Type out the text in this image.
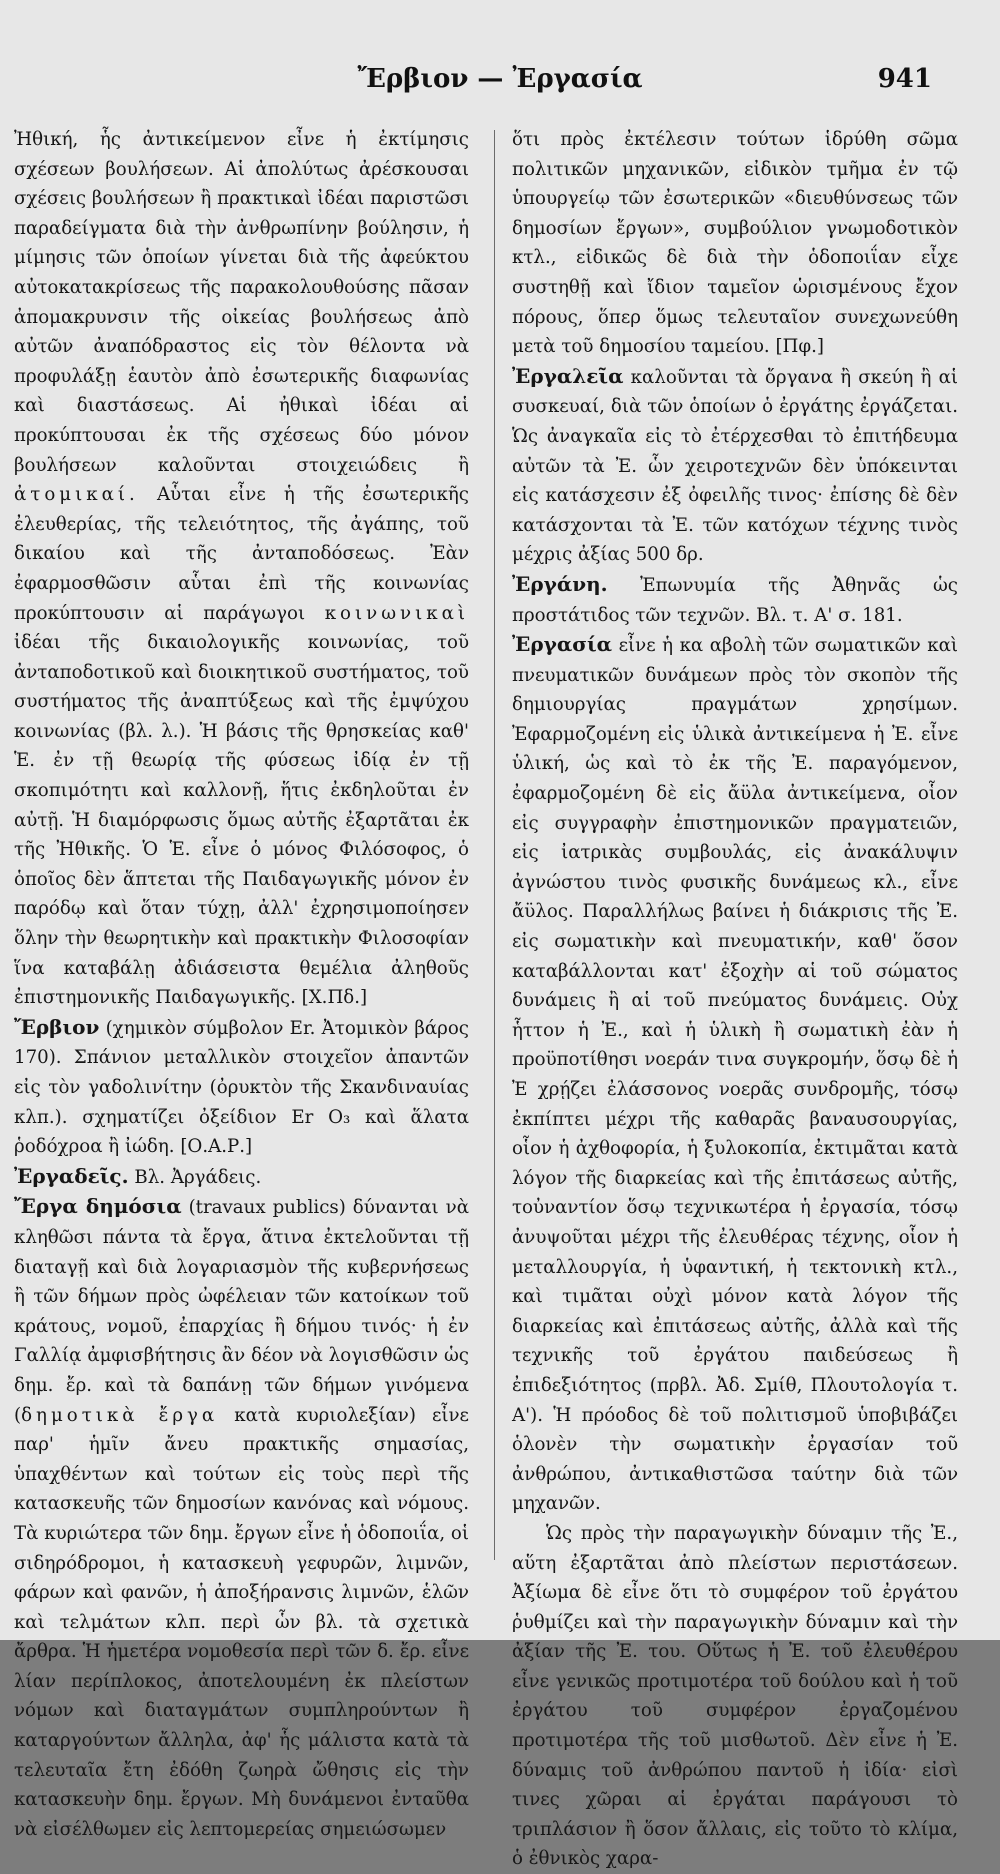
Ἔρβιον — Ἐργασία	941

Ἠθική, ἧς ἀντικείμενον εἶνε ἡ ἐκτίμησις σχέσεων βουλήσεων. Αἱ ἀπολύτως ἀρέσκουσαι σχέσεις βουλήσεων ἢ πρακτικαὶ ἰδέαι παριστῶσι παραδείγματα διὰ τὴν ἀνθρωπίνην βούλησιν, ἡ μίμησις τῶν ὁποίων γίνεται διὰ τῆς ἀφεύκτου αὐτοκατακρίσεως τῆς παρακολουθούσης πᾶσαν ἀπομακρυνσιν τῆς οἰκείας βουλήσεως ἀπὸ αὐτῶν ἀναπόδραστος εἰς τὸν θέλοντα νὰ προφυλάξῃ ἑαυτὸν ἀπὸ ἐσωτερικῆς διαφωνίας καὶ διαστάσεως. Αἱ ἠθικαὶ ἰδέαι αἱ προκύπτουσαι ἐκ τῆς σχέσεως δύο μόνον βουλήσεων καλοῦνται στοιχειώδεις ἢ ἀτομικαί. Αὗται εἶνε ἡ τῆς ἐσωτερικῆς ἐλευθερίας, τῆς τελειότητος, τῆς ἀγάπης, τοῦ δικαίου καὶ τῆς ἀνταποδόσεως. Ἐὰν ἐφαρμοσθῶσιν αὗται ἐπὶ τῆς κοινωνίας προκύπτουσιν αἱ παράγωγοι κοινωνικαὶ ἰδέαι τῆς δικαιολογικῆς κοινωνίας, τοῦ ἀνταποδοτικοῦ καὶ διοικητικοῦ συστήματος, τοῦ συστήματος τῆς ἀναπτύξεως καὶ τῆς ἐμψύχου κοινωνίας (βλ. λ.). Ἡ βάσις τῆς θρησκείας καθ' Ἑ. ἐν τῇ θεωρίᾳ τῆς φύσεως ἰδίᾳ ἐν τῇ σκοπιμότητι καὶ καλλονῇ, ἥτις ἐκδηλοῦται ἐν αὐτῇ. Ἡ διαμόρφωσις ὅμως αὐτῆς ἐξαρτᾶται ἐκ τῆς Ἠθικῆς. Ὁ Ἑ. εἶνε ὁ μόνος Φιλόσοφος, ὁ ὁποῖος δὲν ἅπτεται τῆς Παιδαγωγικῆς μόνον ἐν παρόδῳ καὶ ὅταν τύχῃ, ἀλλ' ἐχρησιμοποίησεν ὅλην τὴν θεωρητικὴν καὶ πρακτικὴν Φιλοσοφίαν ἵνα καταβάλῃ ἀδιάσειστα θεμέλια ἀληθοῦς ἐπιστημονικῆς Παιδαγωγικῆς. [Χ.Πδ.]

Ἔρβιον (χημικὸν σύμβολον Er. Ἀτομικὸν βάρος 170). Σπάνιον μεταλλικὸν στοιχεῖον ἀπαντῶν εἰς τὸν γαδολινίτην (ὀρυκτὸν τῆς Σκανδιναυίας κλπ.). σχηματίζει ὀξείδιον Er O₃ καὶ ἅλατα ῥοδόχροα ἢ ἰώδη. [Ο.Α.Ρ.]

Ἐργαδεῖς. Βλ. Ἀργάδεις.

Ἔργα δημόσια (travaux publics) δύνανται νὰ κληθῶσι πάντα τὰ ἔργα, ἅτινα ἐκτελοῦνται τῇ διαταγῇ καὶ διὰ λογαριασμὸν τῆς κυβερνήσεως ἢ τῶν δήμων πρὸς ὠφέλειαν τῶν κατοίκων τοῦ κράτους, νομοῦ, ἐπαρχίας ἢ δήμου τινός· ἡ ἐν Γαλλίᾳ ἀμφισβήτησις ἂν δέον νὰ λογισθῶσιν ὡς δημ. ἔρ. καὶ τὰ δαπάνῃ τῶν δήμων γινόμενα (δημοτικὰ ἔργα κατὰ κυριολεξίαν) εἶνε παρ' ἡμῖν ἄνευ πρακτικῆς σημασίας, ὑπαχθέντων καὶ τούτων εἰς τοὺς περὶ τῆς κατασκευῆς τῶν δημοσίων κανόνας καὶ νόμους. Τὰ κυριώτερα τῶν δημ. ἔργων εἶνε ἡ ὁδοποιΐα, οἱ σιδηρόδρομοι, ἡ κατασκευὴ γεφυρῶν, λιμνῶν, φάρων καὶ φανῶν, ἡ ἀποξήρανσις λιμνῶν, ἑλῶν καὶ τελμάτων κλπ. περὶ ὧν βλ. τὰ σχετικὰ ἄρθρα. Ἡ ἡμετέρα νομοθεσία περὶ τῶν δ. ἔρ. εἶνε λίαν περίπλοκος, ἀποτελουμένη ἐκ πλείστων νόμων καὶ διαταγμάτων συμπληρούντων ἢ καταργούντων ἄλληλα, ἀφ' ἧς μάλιστα κατὰ τὰ τελευταῖα ἔτη ἐδόθη ζωηρὰ ὤθησις εἰς τὴν κατασκευὴν δημ. ἔργων. Μὴ δυνάμενοι ἐνταῦθα νὰ εἰσέλθωμεν εἰς λεπτομερείας σημειώσωμεν

ὅτι πρὸς ἐκτέλεσιν τούτων ἱδρύθη σῶμα πολιτικῶν μηχανικῶν, εἰδικὸν τμῆμα ἐν τῷ ὑπουργείῳ τῶν ἐσωτερικῶν «διευθύνσεως τῶν δημοσίων ἔργων», συμβούλιον γνωμοδοτικὸν κτλ., εἰδικῶς δὲ διὰ τὴν ὁδοποιΐαν εἶχε συστηθῇ καὶ ἴδιον ταμεῖον ὡρισμένους ἔχον πόρους, ὅπερ ὅμως τελευταῖον συνεχωνεύθη μετὰ τοῦ δημοσίου ταμείου. [Πφ.]

Ἐργαλεῖα καλοῦνται τὰ ὄργανα ἢ σκεύη ἢ αἱ συσκευαί, διὰ τῶν ὁποίων ὁ ἐργάτης ἐργάζεται. Ὡς ἀναγκαῖα εἰς τὸ ἐτέρχεσθαι τὸ ἐπιτήδευμα αὐτῶν τὰ Ἐ. ὧν χειροτεχνῶν δὲν ὑπόκεινται εἰς κατάσχεσιν ἐξ ὀφειλῆς τινος· ἐπίσης δὲ δὲν κατάσχονται τὰ Ἐ. τῶν κατόχων τέχνης τινὸς μέχρις ἀξίας 500 δρ.

Ἐργάνη. Ἐπωνυμία τῆς Ἀθηνᾶς ὡς προστάτιδος τῶν τεχνῶν. Βλ. τ. Α' σ. 181.

Ἐργασία εἶνε ἡ κα αβολὴ τῶν σωματικῶν καὶ πνευματικῶν δυνάμεων πρὸς τὸν σκοπὸν τῆς δημιουργίας πραγμάτων χρησίμων. Ἐφαρμοζομένη εἰς ὑλικὰ ἀντικείμενα ἡ Ἐ. εἶνε ὑλική, ὡς καὶ τὸ ἐκ τῆς Ἐ. παραγόμενον, ἐφαρμοζομένη δὲ εἰς ἄϋλα ἀντικείμενα, οἷον εἰς συγγραφὴν ἐπιστημονικῶν πραγματειῶν, εἰς ἰατρικὰς συμβουλάς, εἰς ἀνακάλυψιν ἀγνώστου τινὸς φυσικῆς δυνάμεως κλ., εἶνε ἄϋλος. Παραλλήλως βαίνει ἡ διάκρισις τῆς Ἐ. εἰς σωματικὴν καὶ πνευματικήν, καθ' ὅσον καταβάλλονται κατ' ἐξοχὴν αἱ τοῦ σώματος δυνάμεις ἢ αἱ τοῦ πνεύματος δυνάμεις. Οὐχ ἧττον ἡ Ἐ., καὶ ἡ ὑλικὴ ἢ σωματικὴ ἐὰν ἡ προϋποτίθησι νοεράν τινα συγκρομήν, ὅσῳ δὲ ἡ Ἐ χρῄζει ἐλάσσονος νοερᾶς συνδρομῆς, τόσῳ ἐκπίπτει μέχρι τῆς καθαρᾶς βαναυσουργίας, οἷον ἡ ἀχθοφορία, ἡ ξυλοκοπία, ἐκτιμᾶται κατὰ λόγον τῆς διαρκείας καὶ τῆς ἐπιτάσεως αὐτῆς, τοὐναντίον ὅσῳ τεχνικωτέρα ἡ ἐργασία, τόσῳ ἀνυψοῦται μέχρι τῆς ἐλευθέρας τέχνης, οἷον ἡ μεταλλουργία, ἡ ὑφαντική, ἡ τεκτονικὴ κτλ., καὶ τιμᾶται οὐχὶ μόνον κατὰ λόγον τῆς διαρκείας καὶ ἐπιτάσεως αὐτῆς, ἀλλὰ καὶ τῆς τεχνικῆς τοῦ ἐργάτου παιδεύσεως ἢ ἐπιδεξιότητος (πρβλ. Ἀδ. Σμίθ, Πλουτολογία τ. Α'). Ἡ πρόοδος δὲ τοῦ πολιτισμοῦ ὑποβιβάζει ὁλονὲν τὴν σωματικὴν ἐργασίαν τοῦ ἀνθρώπου, ἀντικαθιστῶσα ταύτην διὰ τῶν μηχανῶν.

Ὡς πρὸς τὴν παραγωγικὴν δύναμιν τῆς Ἐ., αὕτη ἐξαρτᾶται ἀπὸ πλείστων περιστάσεων. Ἀξίωμα δὲ εἶνε ὅτι τὸ συμφέρον τοῦ ἐργάτου ῥυθμίζει καὶ τὴν παραγωγικὴν δύναμιν καὶ τὴν ἀξίαν τῆς Ἐ. του. Οὕτως ἡ Ἐ. τοῦ ἐλευθέρου εἶνε γενικῶς προτιμοτέρα τοῦ δούλου καὶ ἡ τοῦ ἐργάτου τοῦ συμφέρον ἐργαζομένου προτιμοτέρα τῆς τοῦ μισθωτοῦ. Δὲν εἶνε ἡ Ἐ. δύναμις τοῦ ἀνθρώπου παντοῦ ἡ ἰδία· εἰσὶ τινες χῶραι αἱ ἐργάται παράγουσι τὸ τριπλάσιον ἢ ὅσον ἄλλαις, εἰς τοῦτο τὸ κλίμα, ὁ ἐθνικὸς χαρα-
